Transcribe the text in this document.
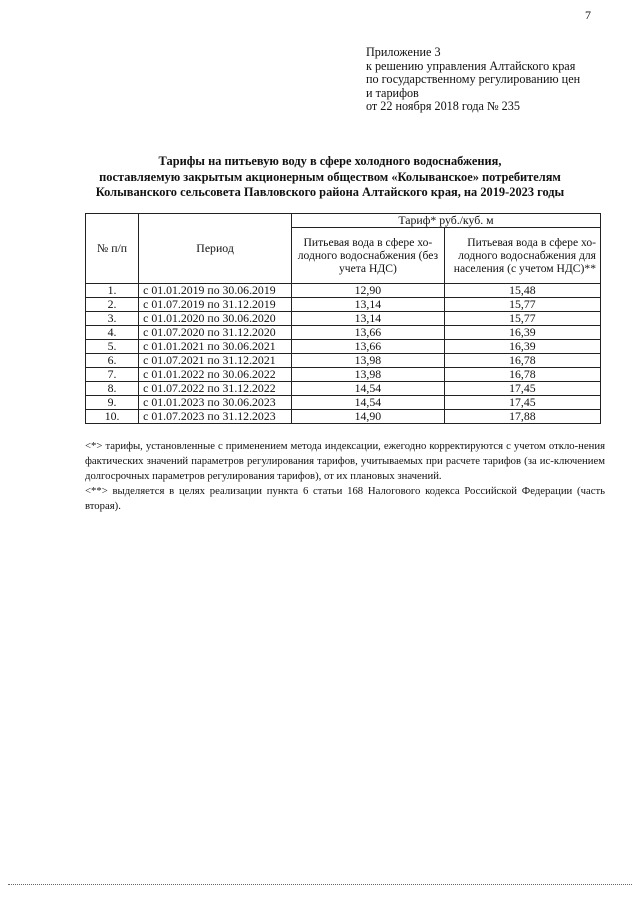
7
Приложение 3
к решению управления Алтайского края
по государственному регулированию цен
и тарифов
от 22 ноября 2018 года № 235
Тарифы на питьевую воду в сфере холодного водоснабжения,
поставляемую закрытым акционерным обществом «Колыванское» потребителям
Колыванского сельсовета Павловского района Алтайского края, на 2019-2023 годы
№ п/п	Период	Тариф* руб./куб. м	
		Питьевая вода в сфере хо-лодного водоснабжения (без учета НДС)	Питьевая вода в сфере хо-лодного водоснабжения для населения (с учетом НДС)**
1.	с 01.01.2019 по 30.06.2019	12,90	15,48
2.	с 01.07.2019 по 31.12.2019	13,14	15,77
3.	с 01.01.2020 по 30.06.2020	13,14	15,77
4.	с 01.07.2020 по 31.12.2020	13,66	16,39
5.	с 01.01.2021 по 30.06.2021	13,66	16,39
6.	с 01.07.2021 по 31.12.2021	13,98	16,78
7.	с 01.01.2022 по 30.06.2022	13,98	16,78
8.	с 01.07.2022 по 31.12.2022	14,54	17,45
9.	с 01.01.2023 по 30.06.2023	14,54	17,45
10.	с 01.07.2023 по 31.12.2023	14,90	17,88

<*> тарифы, установленные с применением метода индексации, ежегодно корректируются с учетом откло-нения фактических значений параметров регулирования тарифов, учитываемых при расчете тарифов (за ис-ключением долгосрочных параметров регулирования тарифов), от их плановых значений.

<**> выделяется в целях реализации пункта 6 статьи 168 Налогового кодекса Российской Федерации (часть вторая).
